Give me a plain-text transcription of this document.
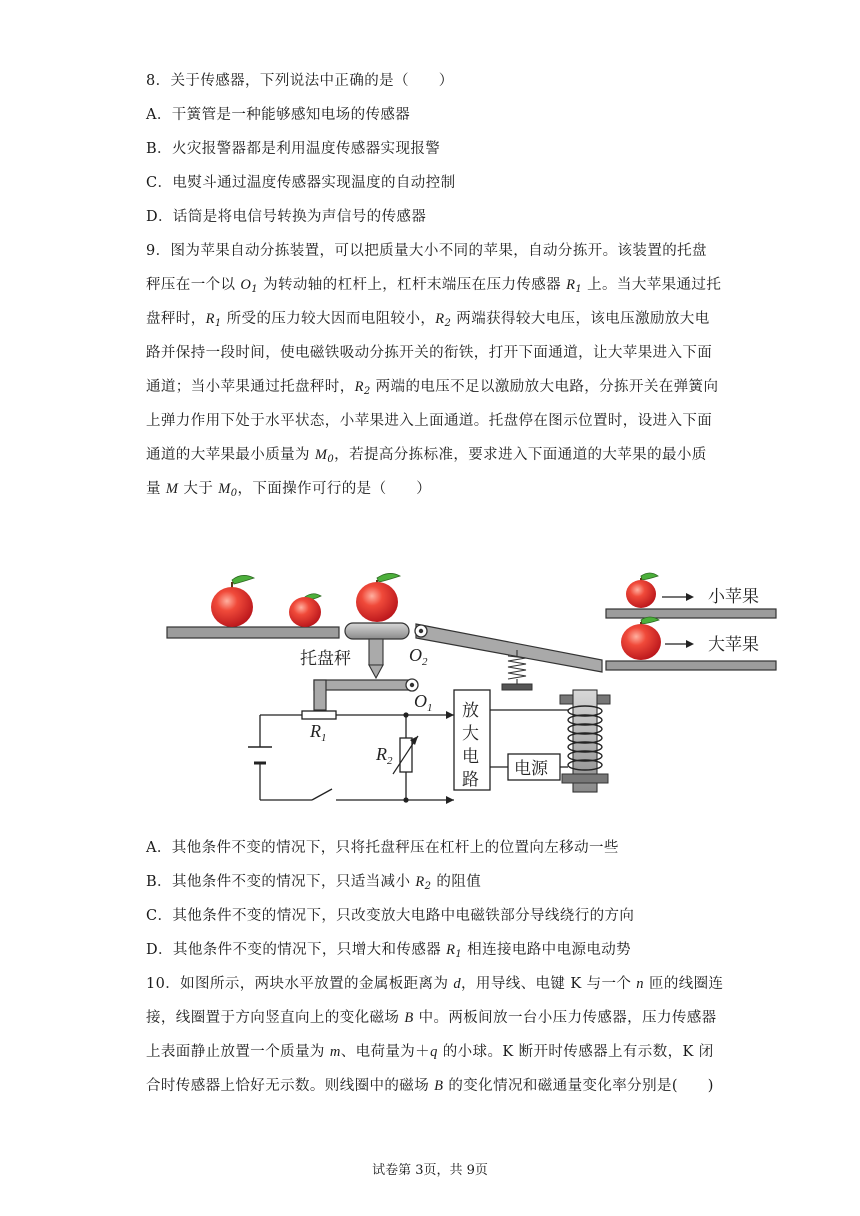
8．关于传感器，下列说法中正确的是（　　）
A．干簧管是一种能够感知电场的传感器
B．火灾报警器都是利用温度传感器实现报警
C．电熨斗通过温度传感器实现温度的自动控制
D．话筒是将电信号转换为声信号的传感器
9．图为苹果自动分拣装置，可以把质量大小不同的苹果，自动分拣开。该装置的托盘
秤压在一个以 $O_1$ 为转动轴的杠杆上，杠杆末端压在压力传感器 $R_1$ 上。当大苹果通过托
盘秤时，$R_1$ 所受的压力较大因而电阻较小，$R_2$ 两端获得较大电压，该电压激励放大电
路并保持一段时间，使电磁铁吸动分拣开关的衔铁，打开下面通道，让大苹果进入下面
通道；当小苹果通过托盘秤时，$R_2$ 两端的电压不足以激励放大电路，分拣开关在弹簧向
上弹力作用下处于水平状态，小苹果进入上面通道。托盘停在图示位置时，设进入下面
通道的大苹果最小质量为 $M_0$，若提高分拣标准，要求进入下面通道的大苹果的最小质
量 M 大于 $M_0$，下面操作可行的是（　　）
托盘秤	$O_2$
小苹果
大苹果
$O_1$
$R_1$
$R_2$
放
大
电
路
电源
A．其他条件不变的情况下，只将托盘秤压在杠杆上的位置向左移动一些
B．其他条件不变的情况下，只适当减小 $R_2$ 的阻值
C．其他条件不变的情况下，只改变放大电路中电磁铁部分导线绕行的方向
D．其他条件不变的情况下，只增大和传感器 $R_1$ 相连接电路中电源电动势
10．如图所示，两块水平放置的金属板距离为 d，用导线、电键 K 与一个 n 匝的线圈连
接，线圈置于方向竖直向上的变化磁场 B 中。两板间放一台小压力传感器，压力传感器
上表面静止放置一个质量为 m、电荷量为＋q 的小球。K 断开时传感器上有示数，K 闭
合时传感器上恰好无示数。则线圈中的磁场 B 的变化情况和磁通量变化率分别是(　　)
试卷第 3页，共 9页
